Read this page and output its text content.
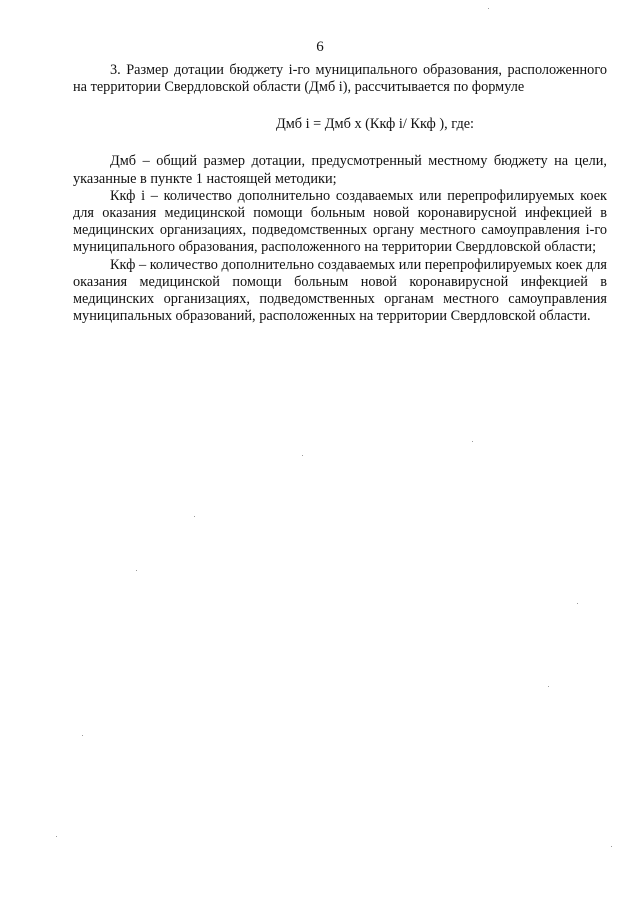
6

3. Размер дотации бюджету i-го муниципального образования, расположенного на территории Свердловской области (Дмб i), рассчитывается по формуле

Дмб i = Дмб х (Ккф i/ Ккф ), где:

Дмб – общий размер дотации, предусмотренный местному бюджету на цели, указанные в пункте 1 настоящей методики;

Ккф i – количество дополнительно создаваемых или перепрофилируемых коек для оказания медицинской помощи больным новой коронавирусной инфекцией в медицинских организациях, подведомственных органу местного самоуправления i-го муниципального образования, расположенного на территории Свердловской области;

Ккф – количество дополнительно создаваемых или перепрофилируемых коек для оказания медицинской помощи больным новой коронавирусной инфекцией в медицинских организациях, подведомственных органам местного самоуправления муниципальных образований, расположенных на территории Свердловской области.
